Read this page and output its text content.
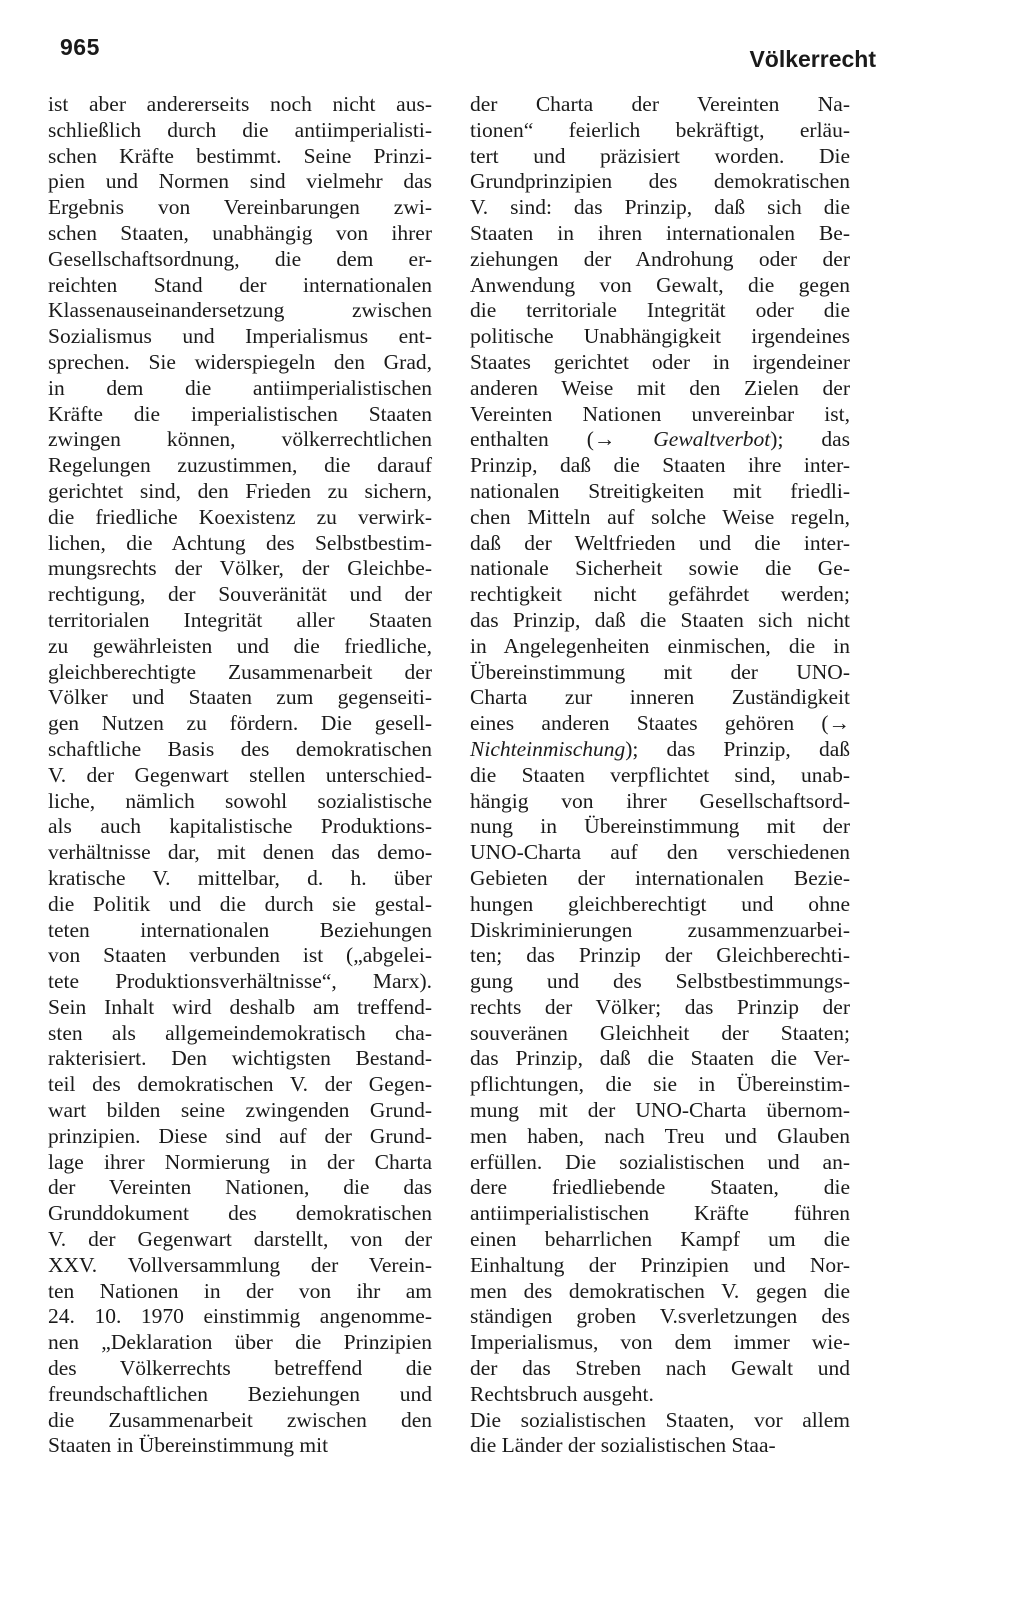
965	Völkerrecht
ist aber andererseits noch nicht aus-
schließlich durch die antiimperialisti-
schen Kräfte bestimmt. Seine Prinzi-
pien und Normen sind vielmehr das
Ergebnis von Vereinbarungen zwi-
schen Staaten, unabhängig von ihrer
Gesellschaftsordnung, die dem er-
reichten Stand der internationalen
Klassenauseinandersetzung zwischen
Sozialismus und Imperialismus ent-
sprechen. Sie widerspiegeln den Grad,
in dem die antiimperialistischen
Kräfte die imperialistischen Staaten
zwingen können, völkerrechtlichen
Regelungen zuzustimmen, die darauf
gerichtet sind, den Frieden zu sichern,
die friedliche Koexistenz zu verwirk-
lichen, die Achtung des Selbstbestim-
mungsrechts der Völker, der Gleichbe-
rechtigung, der Souveränität und der
territorialen Integrität aller Staaten
zu gewährleisten und die friedliche,
gleichberechtigte Zusammenarbeit der
Völker und Staaten zum gegenseiti-
gen Nutzen zu fördern. Die gesell-
schaftliche Basis des demokratischen
V. der Gegenwart stellen unterschied-
liche, nämlich sowohl sozialistische
als auch kapitalistische Produktions-
verhältnisse dar, mit denen das demo-
kratische V. mittelbar, d. h. über
die Politik und die durch sie gestal-
teten internationalen Beziehungen
von Staaten verbunden ist („abgelei-
tete Produktionsverhältnisse“, Marx).
Sein Inhalt wird deshalb am treffend-
sten als allgemeindemokratisch cha-
rakterisiert. Den wichtigsten Bestand-
teil des demokratischen V. der Gegen-
wart bilden seine zwingenden Grund-
prinzipien. Diese sind auf der Grund-
lage ihrer Normierung in der Charta
der Vereinten Nationen, die das
Grunddokument des demokratischen
V. der Gegenwart darstellt, von der
XXV. Vollversammlung der Verein-
ten Nationen in der von ihr am
24. 10. 1970 einstimmig angenomme-
nen „Deklaration über die Prinzipien
des Völkerrechts betreffend die
freundschaftlichen Beziehungen und
die Zusammenarbeit zwischen den
Staaten in Übereinstimmung mit
der Charta der Vereinten Na-
tionen“ feierlich bekräftigt, erläu-
tert und präzisiert worden. Die
Grundprinzipien des demokratischen
V. sind: das Prinzip, daß sich die
Staaten in ihren internationalen Be-
ziehungen der Androhung oder der
Anwendung von Gewalt, die gegen
die territoriale Integrität oder die
politische Unabhängigkeit irgendeines
Staates gerichtet oder in irgendeiner
anderen Weise mit den Zielen der
Vereinten Nationen unvereinbar ist,
enthalten (→ Gewaltverbot); das
Prinzip, daß die Staaten ihre inter-
nationalen Streitigkeiten mit friedli-
chen Mitteln auf solche Weise regeln,
daß der Weltfrieden und die inter-
nationale Sicherheit sowie die Ge-
rechtigkeit nicht gefährdet werden;
das Prinzip, daß die Staaten sich nicht
in Angelegenheiten einmischen, die in
Übereinstimmung mit der UNO-
Charta zur inneren Zuständigkeit
eines anderen Staates gehören (→
Nichteinmischung); das Prinzip, daß
die Staaten verpflichtet sind, unab-
hängig von ihrer Gesellschaftsord-
nung in Übereinstimmung mit der
UNO-Charta auf den verschiedenen
Gebieten der internationalen Bezie-
hungen gleichberechtigt und ohne
Diskriminierungen zusammenzuarbei-
ten; das Prinzip der Gleichberechti-
gung und des Selbstbestimmungs-
rechts der Völker; das Prinzip der
souveränen Gleichheit der Staaten;
das Prinzip, daß die Staaten die Ver-
pflichtungen, die sie in Übereinstim-
mung mit der UNO-Charta übernom-
men haben, nach Treu und Glauben
erfüllen. Die sozialistischen und an-
dere friedliebende Staaten, die
antiimperialistischen Kräfte führen
einen beharrlichen Kampf um die
Einhaltung der Prinzipien und Nor-
men des demokratischen V. gegen die
ständigen groben V.sverletzungen des
Imperialismus, von dem immer wie-
der das Streben nach Gewalt und
Rechtsbruch ausgeht.
Die sozialistischen Staaten, vor allem
die Länder der sozialistischen Staa-
